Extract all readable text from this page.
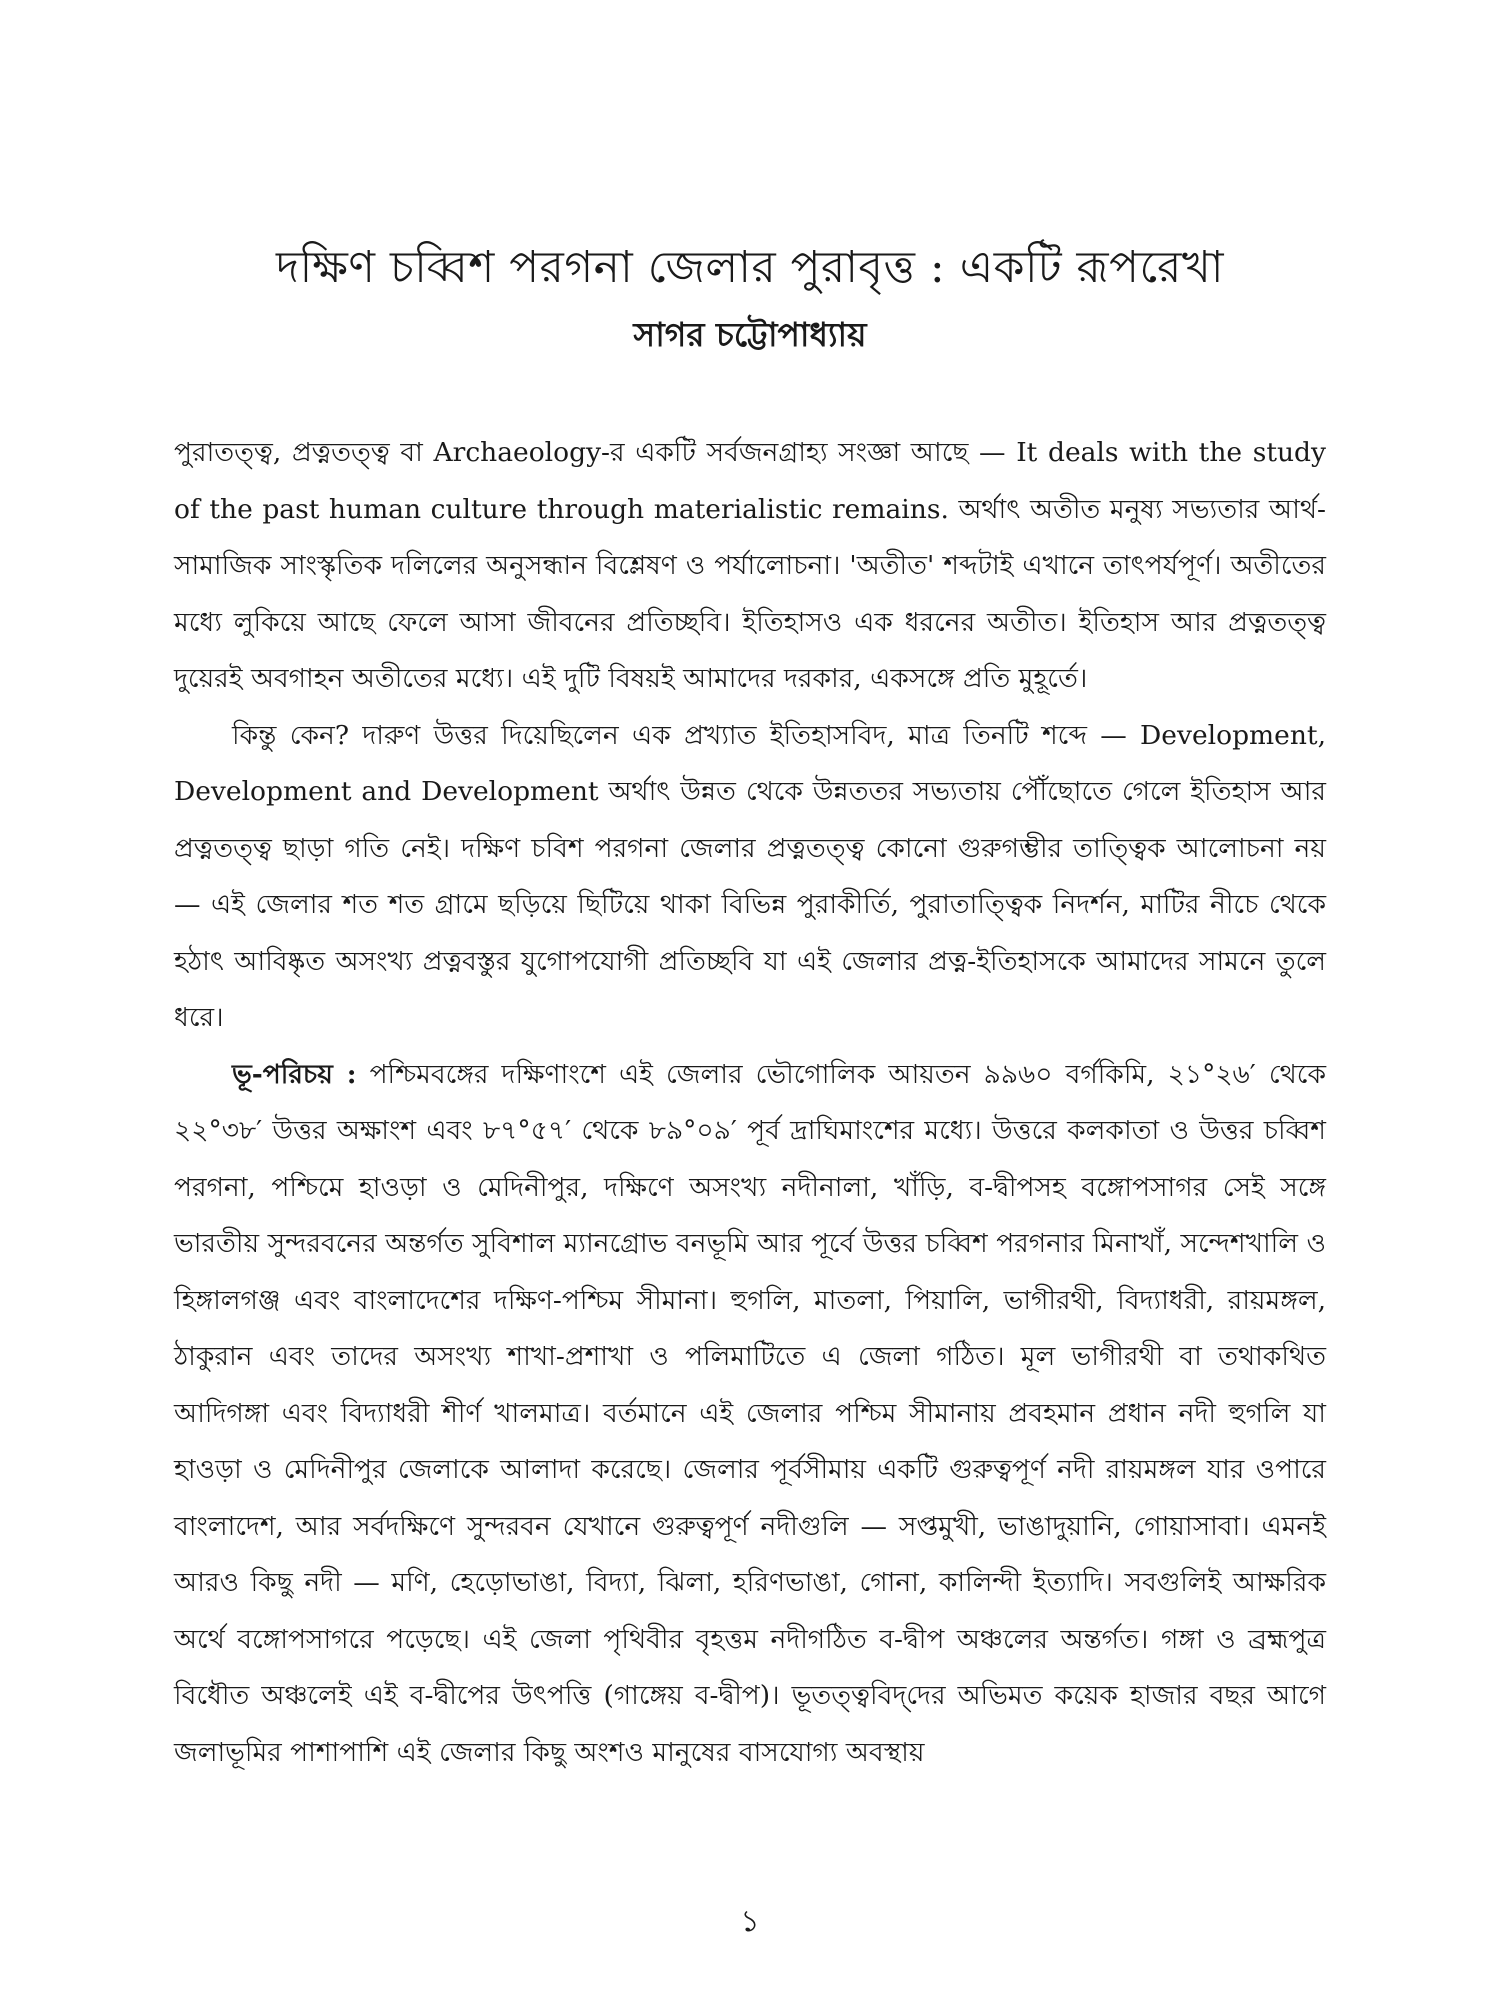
দক্ষিণ চব্বিশ পরগনা জেলার পুরাবৃত্ত : একটি রূপরেখা
সাগর চট্টোপাধ্যায়

পুরাতত্ত্ব, প্রত্নতত্ত্ব বা Archaeology-র একটি সর্বজনগ্রাহ্য সংজ্ঞা আছে — It deals with the study of the past human culture through materialistic remains. অর্থাৎ অতীত মনুষ্য সভ্যতার আর্থ-সামাজিক সাংস্কৃতিক দলিলের অনুসন্ধান বিশ্লেষণ ও পর্যালোচনা। 'অতীত' শব্দটাই এখানে তাৎপর্যপূর্ণ। অতীতের মধ্যে লুকিয়ে আছে ফেলে আসা জীবনের প্রতিচ্ছবি। ইতিহাসও এক ধরনের অতীত। ইতিহাস আর প্রত্নতত্ত্ব দুয়েরই অবগাহন অতীতের মধ্যে। এই দুটি বিষয়ই আমাদের দরকার, একসঙ্গে প্রতি মুহূর্তে।

কিন্তু কেন? দারুণ উত্তর দিয়েছিলেন এক প্রখ্যাত ইতিহাসবিদ, মাত্র তিনটি শব্দে — Development, Development and Development অর্থাৎ উন্নত থেকে উন্নততর সভ্যতায় পৌঁছোতে গেলে ইতিহাস আর প্রত্নতত্ত্ব ছাড়া গতি নেই। দক্ষিণ চবিশ পরগনা জেলার প্রত্নতত্ত্ব কোনো গুরুগম্ভীর তাত্ত্বিক আলোচনা নয় — এই জেলার শত শত গ্রামে ছড়িয়ে ছিটিয়ে থাকা বিভিন্ন পুরাকীর্তি, পুরাতাত্ত্বিক নিদর্শন, মাটির নীচে থেকে হঠাৎ আবিষ্কৃত অসংখ্য প্রত্নবস্তুর যুগোপযোগী প্রতিচ্ছবি যা এই জেলার প্রত্ন-ইতিহাসকে আমাদের সামনে তুলে ধরে।

ভূ-পরিচয় : পশ্চিমবঙ্গের দক্ষিণাংশে এই জেলার ভৌগোলিক আয়তন ৯৯৬০ বর্গকিমি, ২১°২৬′ থেকে ২২°৩৮′ উত্তর অক্ষাংশ এবং ৮৭°৫৭′ থেকে ৮৯°০৯′ পূর্ব দ্রাঘিমাংশের মধ্যে। উত্তরে কলকাতা ও উত্তর চব্বিশ পরগনা, পশ্চিমে হাওড়া ও মেদিনীপুর, দক্ষিণে অসংখ্য নদীনালা, খাঁড়ি, ব-দ্বীপসহ বঙ্গোপসাগর সেই সঙ্গে ভারতীয় সুন্দরবনের অন্তর্গত সুবিশাল ম্যানগ্রোভ বনভূমি আর পূর্বে উত্তর চব্বিশ পরগনার মিনাখাঁ, সন্দেশখালি ও হিঙ্গালগঞ্জ এবং বাংলাদেশের দক্ষিণ-পশ্চিম সীমানা। হুগলি, মাতলা, পিয়ালি, ভাগীরথী, বিদ্যাধরী, রায়মঙ্গল, ঠাকুরান এবং তাদের অসংখ্য শাখা-প্রশাখা ও পলিমাটিতে এ জেলা গঠিত। মূল ভাগীরথী বা তথাকথিত আদিগঙ্গা এবং বিদ্যাধরী শীর্ণ খালমাত্র। বর্তমানে এই জেলার পশ্চিম সীমানায় প্রবহমান প্রধান নদী হুগলি যা হাওড়া ও মেদিনীপুর জেলাকে আলাদা করেছে। জেলার পূর্বসীমায় একটি গুরুত্বপূর্ণ নদী রায়মঙ্গল যার ওপারে বাংলাদেশ, আর সর্বদক্ষিণে সুন্দরবন যেখানে গুরুত্বপূর্ণ নদীগুলি — সপ্তমুখী, ভাঙাদুয়ানি, গোয়াসাবা। এমনই আরও কিছু নদী — মণি, হেড়োভাঙা, বিদ্যা, ঝিলা, হরিণভাঙা, গোনা, কালিন্দী ইত্যাদি। সবগুলিই আক্ষরিক অর্থে বঙ্গোপসাগরে পড়েছে। এই জেলা পৃথিবীর বৃহত্তম নদীগঠিত ব-দ্বীপ অঞ্চলের অন্তর্গত। গঙ্গা ও ব্রহ্মপুত্র বিধৌত অঞ্চলেই এই ব-দ্বীপের উৎপত্তি (গাঙ্গেয় ব-দ্বীপ)। ভূতত্ত্ববিদ্‌দের অভিমত কয়েক হাজার বছর আগে জলাভূমির পাশাপাশি এই জেলার কিছু অংশও মানুষের বাসযোগ্য অবস্থায়

১
